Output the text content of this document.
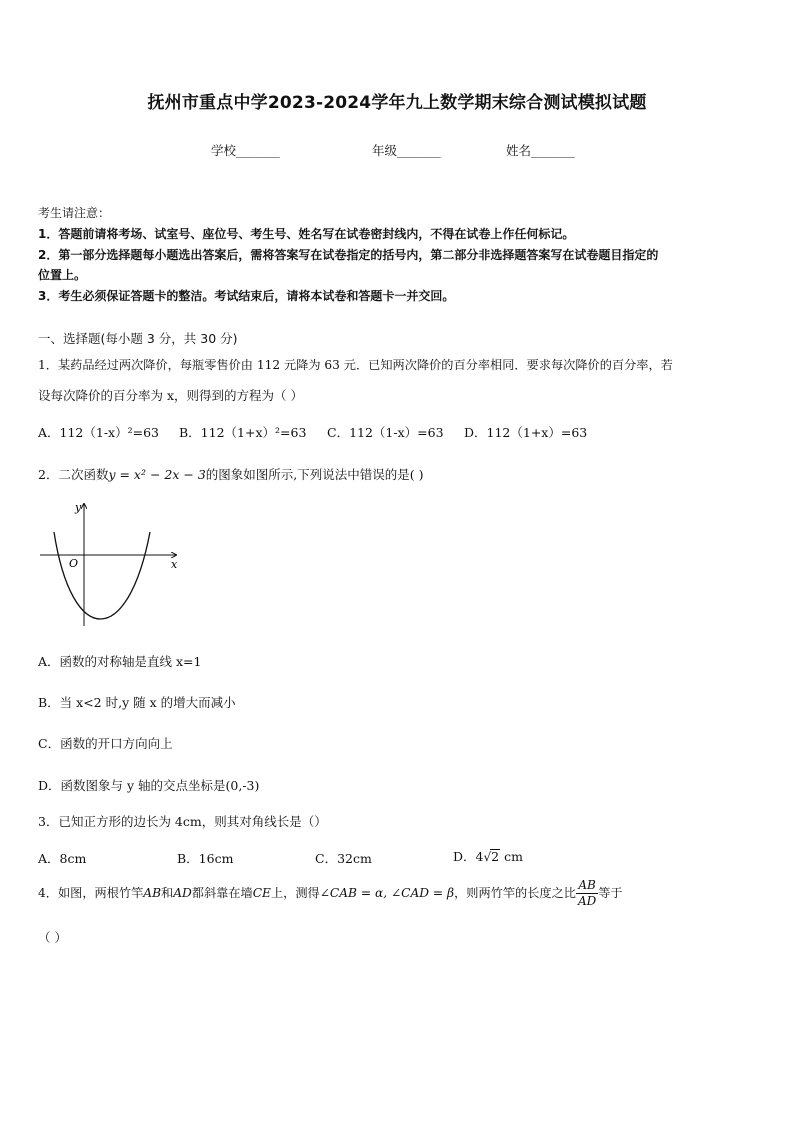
抚州市重点中学2023-2024学年九上数学期末综合测试模拟试题
学校_______	年级_______	姓名_______
考生请注意：
1．答题前请将考场、试室号、座位号、考生号、姓名写在试卷密封线内，不得在试卷上作任何标记。
2．第一部分选择题每小题选出答案后，需将答案写在试卷指定的括号内，第二部分非选择题答案写在试卷题目指定的
位置上。
3．考生必须保证答题卡的整洁。考试结束后，请将本试卷和答题卡一并交回。
一、选择题(每小题 3 分，共 30 分)
1．某药品经过两次降价，每瓶零售价由 112 元降为 63 元．已知两次降价的百分率相同．要求每次降价的百分率，若
设每次降价的百分率为 x，则得到的方程为（ ）
A．112（1-x）²=63 B．112（1+x）²=63 C．112（1-x）=63 D．112（1+x）=63
2．二次函数y = x² − 2x − 3的图象如图所示,下列说法中错误的是( )
x
y
O
A．函数的对称轴是直线 x=1
B．当 x<2 时,y 随 x 的增大而减小
C．函数的开口方向向上
D．函数图象与 y 轴的交点坐标是(0,-3)
3．已知正方形的边长为 4cm，则其对角线长是（）
A．8cm	B．16cm	C．32cm	D．4√2 cm
4．如图，两根竹竿AB和AD都斜靠在墙CE上，测得∠CAB = α, ∠CAD = β，则两竹竿的长度之比 $\frac{AB}{AD}$ 等于
（ ）
